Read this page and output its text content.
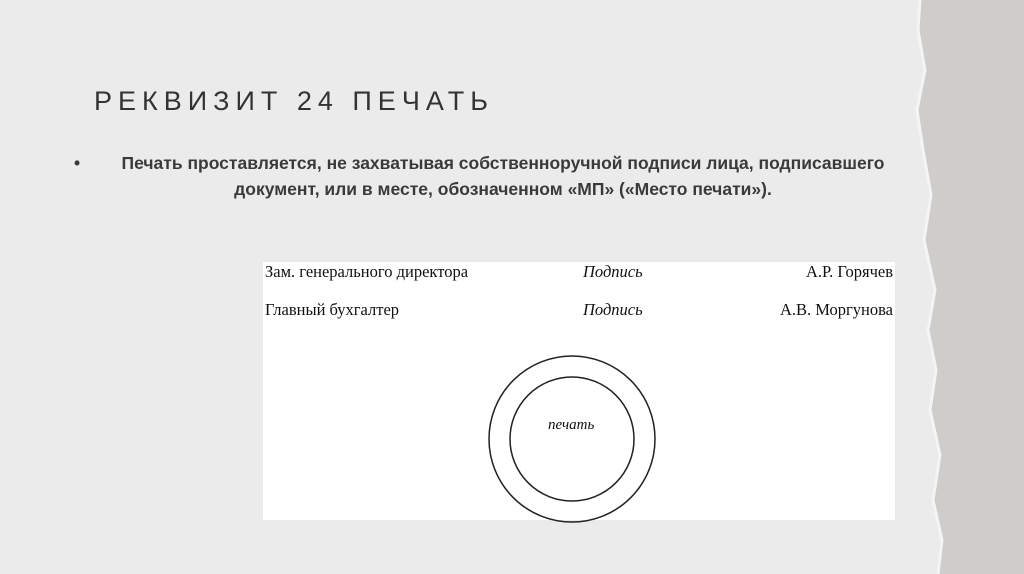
РЕКВИЗИТ 24 ПЕЧАТЬ
•	Печать проставляется, не захватывая собственноручной подписи лица, подписавшего документ, или в месте, обозначенном «МП» («Место печати»).
Зам. генерального директора	Подпись	А.Р. Горячев
Главный бухгалтер	Подпись	А.В. Моргунова
печать
